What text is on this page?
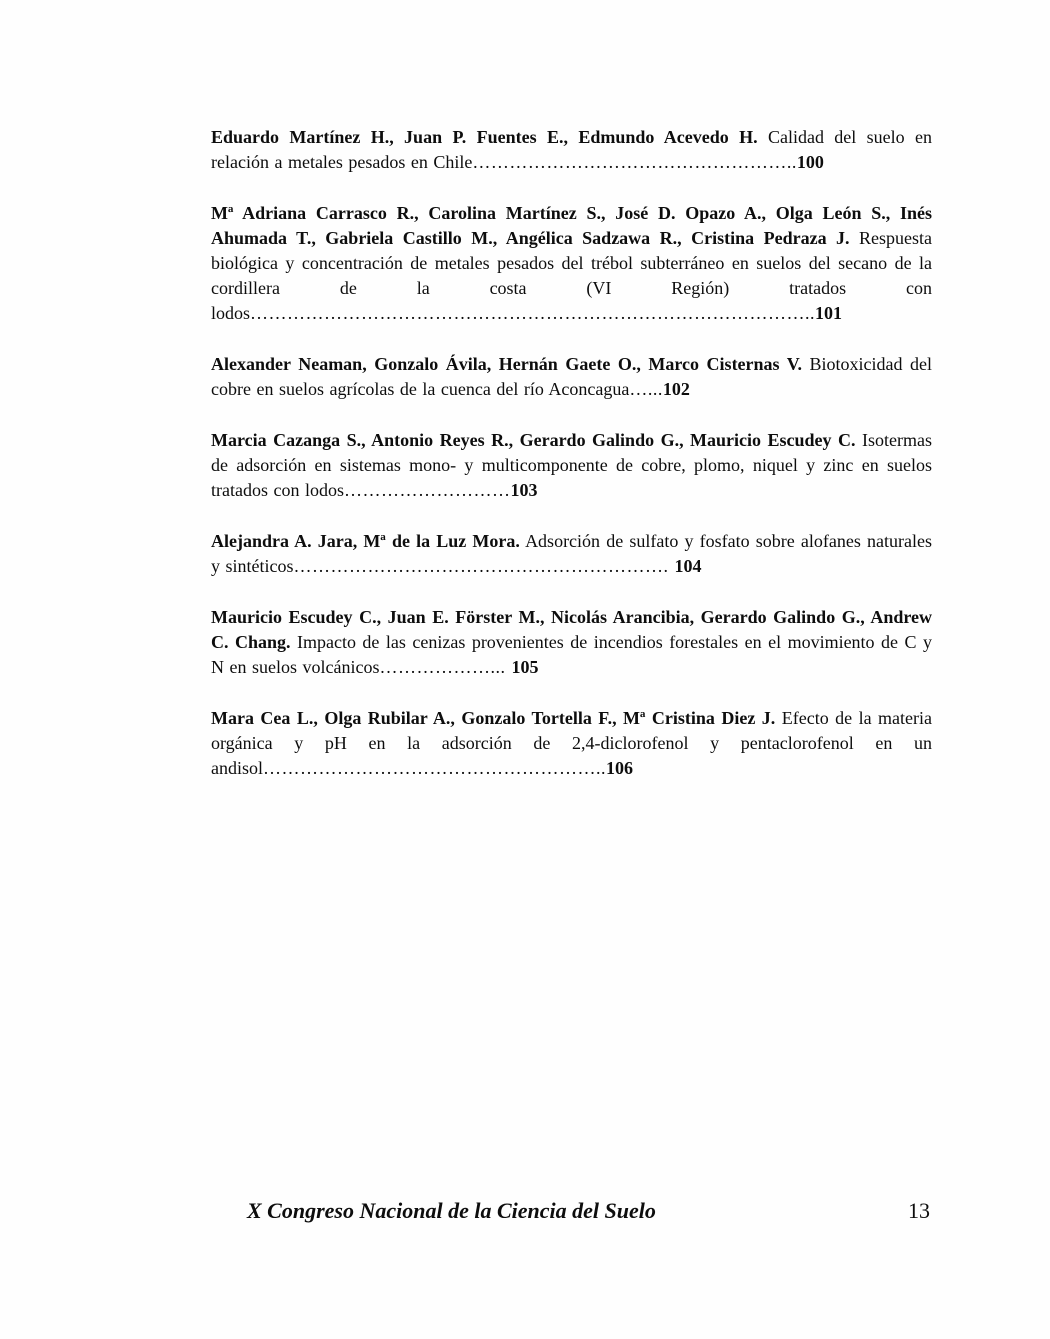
Eduardo Martínez H., Juan P. Fuentes E., Edmundo Acevedo H. Calidad del suelo en relación a metales pesados en Chile……………………………………………..100

Mª Adriana Carrasco R., Carolina Martínez S., José D. Opazo A., Olga León S., Inés Ahumada T., Gabriela Castillo M., Angélica Sadzawa R., Cristina Pedraza J. Respuesta biológica y concentración de metales pesados del trébol subterráneo en suelos del secano de la cordillera de la costa (VI Región) tratados con lodos………………………………………………………………………………..101

Alexander Neaman, Gonzalo Ávila, Hernán Gaete O., Marco Cisternas V. Biotoxicidad del cobre en suelos agrícolas de la cuenca del río Aconcagua…...102

Marcia Cazanga S., Antonio Reyes R., Gerardo Galindo G., Mauricio Escudey C. Isotermas de adsorción en sistemas mono- y multicomponente de cobre, plomo, niquel y zinc en suelos tratados con lodos………………………103

Alejandra A. Jara, Mª de la Luz Mora. Adsorción de sulfato y fosfato sobre alofanes naturales y sintéticos……………………………………………………. 104

Mauricio Escudey C., Juan E. Förster M., Nicolás Arancibia, Gerardo Galindo G., Andrew C. Chang. Impacto de las cenizas provenientes de incendios forestales en el movimiento de C y N en suelos volcánicos………………... 105

Mara Cea L., Olga Rubilar A., Gonzalo Tortella F., Mª Cristina Diez J. Efecto de la materia orgánica y pH en la adsorción de 2,4-diclorofenol y pentaclorofenol en un andisol………………………………………………..106

X Congreso Nacional de la Ciencia del Suelo	13
